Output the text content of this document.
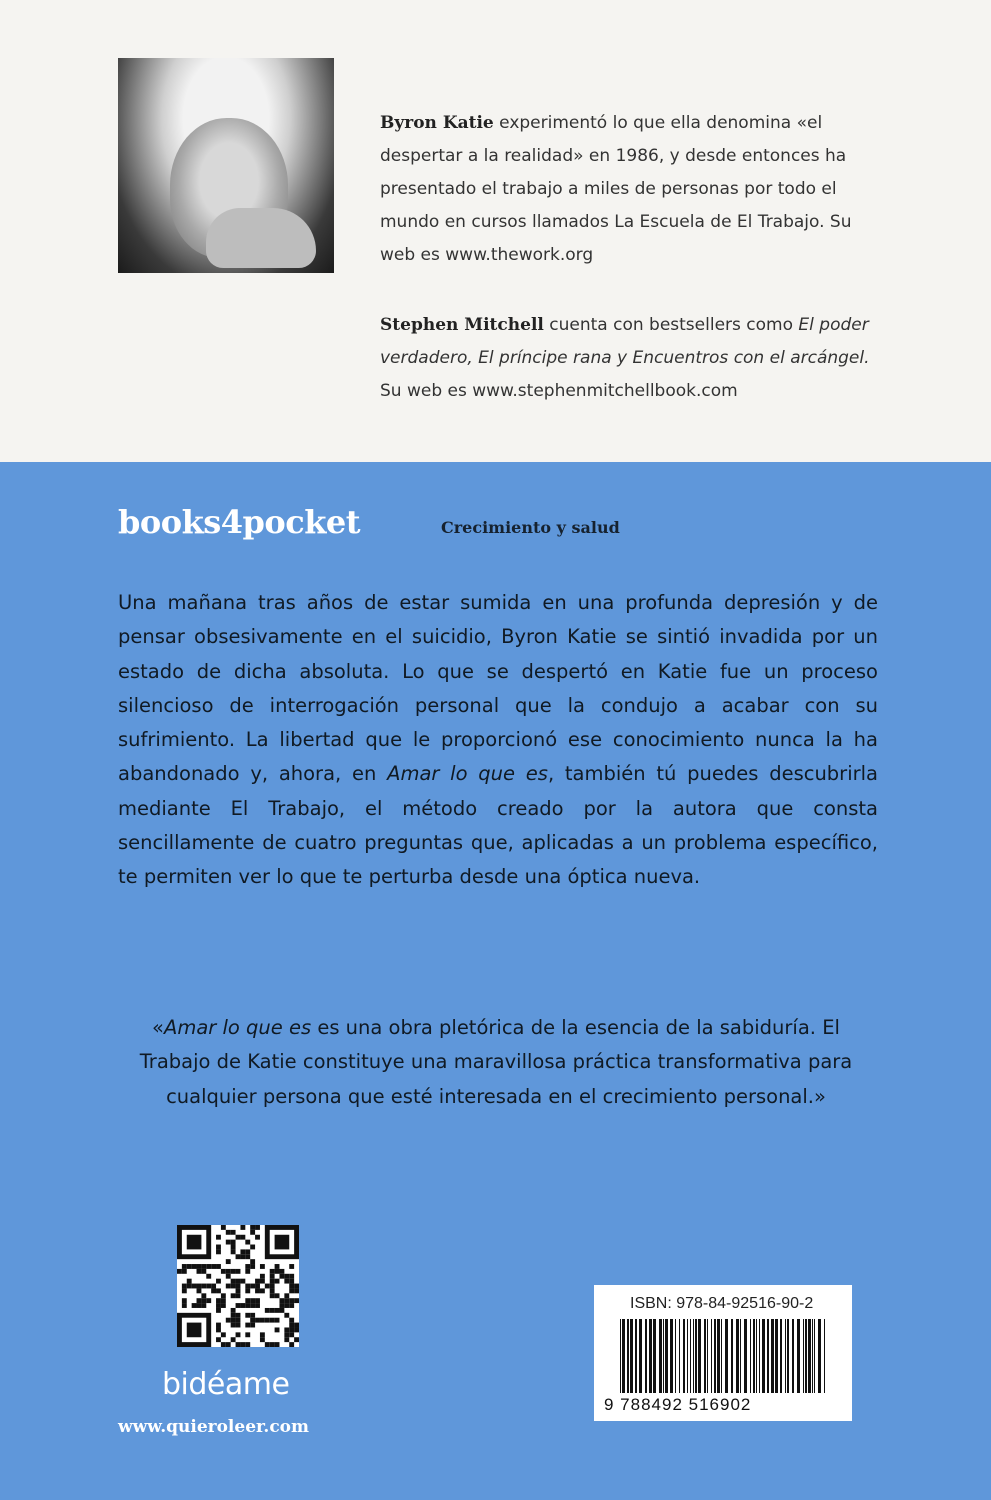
Byron Katie experimentó lo que ella denomina «el despertar a la realidad» en 1986, y desde entonces ha presentado el trabajo a miles de personas por todo el mundo en cursos llamados La Escuela de El Trabajo. Su web es www.thework.org

Stephen Mitchell cuenta con bestsellers como El poder verdadero, El príncipe rana y Encuentros con el arcángel. Su web es www.stephenmitchellbook.com

books4pocket	Crecimiento y salud

Una mañana tras años de estar sumida en una profunda depresión y de pensar obsesivamente en el suicidio, Byron Katie se sintió invadida por un estado de dicha absoluta. Lo que se despertó en Katie fue un proceso silencioso de interrogación personal que la condujo a acabar con su sufrimiento. La libertad que le proporcionó ese conocimiento nunca la ha abandonado y, ahora, en Amar lo que es, también tú puedes descubrirla mediante El Trabajo, el método creado por la autora que consta sencillamente de cuatro preguntas que, aplicadas a un problema específico, te permiten ver lo que te perturba desde una óptica nueva.

«Amar lo que es es una obra pletórica de la esencia de la sabiduría. El Trabajo de Katie constituye una maravillosa práctica transformativa para cualquier persona que esté interesada en el crecimiento personal.»

bidéame
www.quieroleer.com

ISBN: 978-84-92516-90-2

9 788492 516902
